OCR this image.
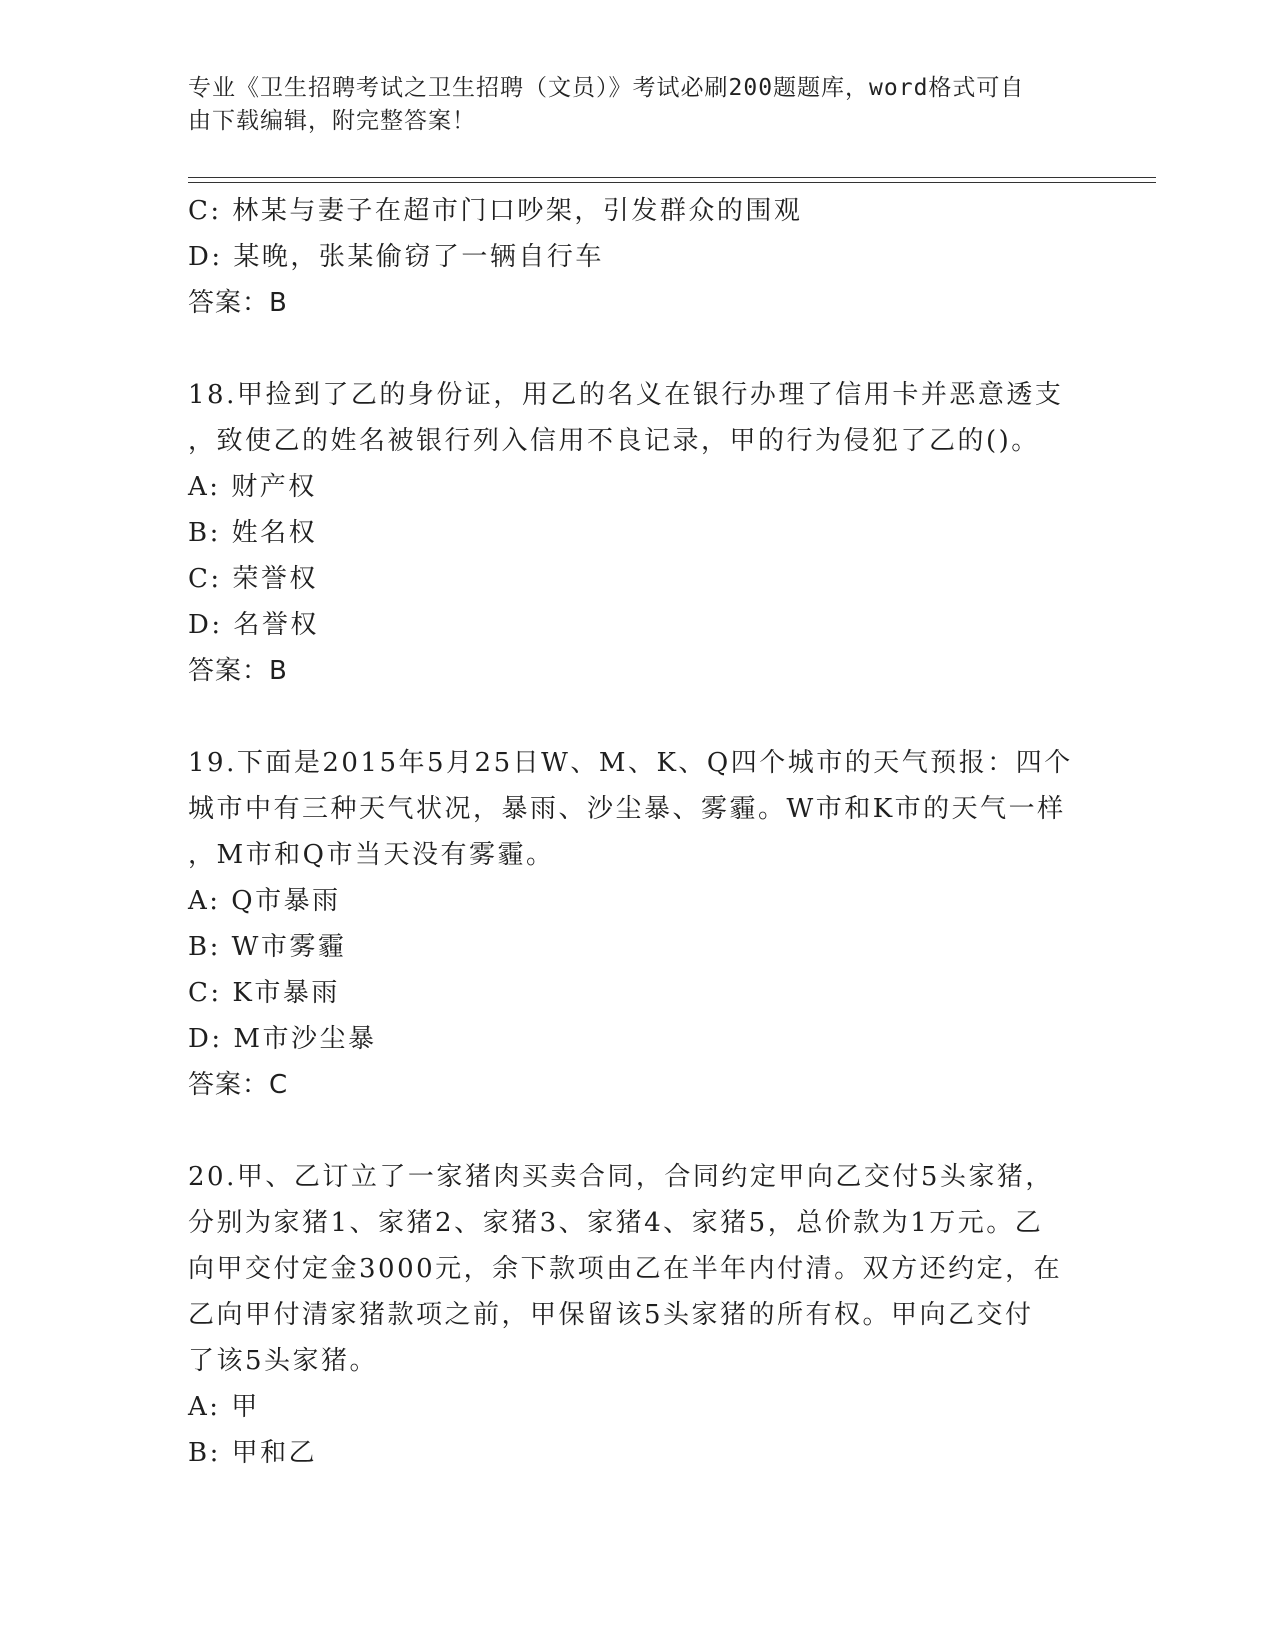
专业《卫生招聘考试之卫生招聘（文员）》考试必刷200题题库，word格式可自
由下载编辑，附完整答案！
C: 林某与妻子在超市门口吵架，引发群众的围观
D: 某晚，张某偷窃了一辆自行车
答案：B
18.甲捡到了乙的身份证，用乙的名义在银行办理了信用卡并恶意透支
，致使乙的姓名被银行列入信用不良记录，甲的行为侵犯了乙的()。
A: 财产权
B: 姓名权
C: 荣誉权
D: 名誉权
答案：B
19.下面是2015年5月25日W、M、K、Q四个城市的天气预报：四个
城市中有三种天气状况，暴雨、沙尘暴、雾霾。W市和K市的天气一样
，M市和Q市当天没有雾霾。
A: Q市暴雨
B: W市雾霾
C: K市暴雨
D: M市沙尘暴
答案：C
20.甲、乙订立了一家猪肉买卖合同，合同约定甲向乙交付5头家猪，
分别为家猪1、家猪2、家猪3、家猪4、家猪5，总价款为1万元。乙
向甲交付定金3000元，余下款项由乙在半年内付清。双方还约定，在
乙向甲付清家猪款项之前，甲保留该5头家猪的所有权。甲向乙交付
了该5头家猪。
A: 甲
B: 甲和乙
